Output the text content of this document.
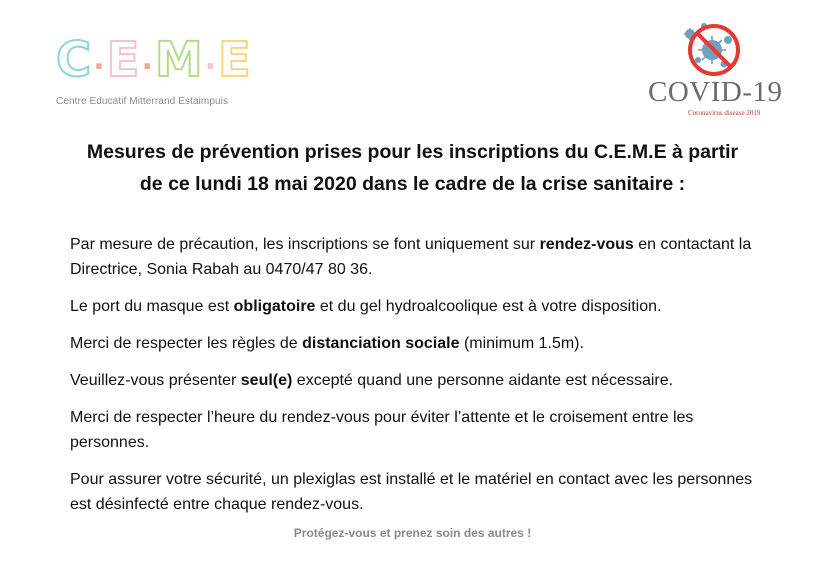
C . E . M . E
Centre Educatif Mitterrand Estaimpuis	COVID-19
Coronavirus disease 2019
Mesures de prévention prises pour les inscriptions du C.E.M.E à partir
de ce lundi 18 mai 2020 dans le cadre de la crise sanitaire :

Par mesure de précaution, les inscriptions se font uniquement sur rendez-vous en contactant la Directrice, Sonia Rabah au 0470/47 80 36.

Le port du masque est obligatoire et du gel hydroalcoolique est à votre disposition.

Merci de respecter les règles de distanciation sociale (minimum 1.5m).

Veuillez-vous présenter seul(e) excepté quand une personne aidante est nécessaire.

Merci de respecter l’heure du rendez-vous pour éviter l’attente et le croisement entre les personnes.

Pour assurer votre sécurité, un plexiglas est installé et le matériel en contact avec les personnes est désinfecté entre chaque rendez-vous.

Protégez-vous et prenez soin des autres !
